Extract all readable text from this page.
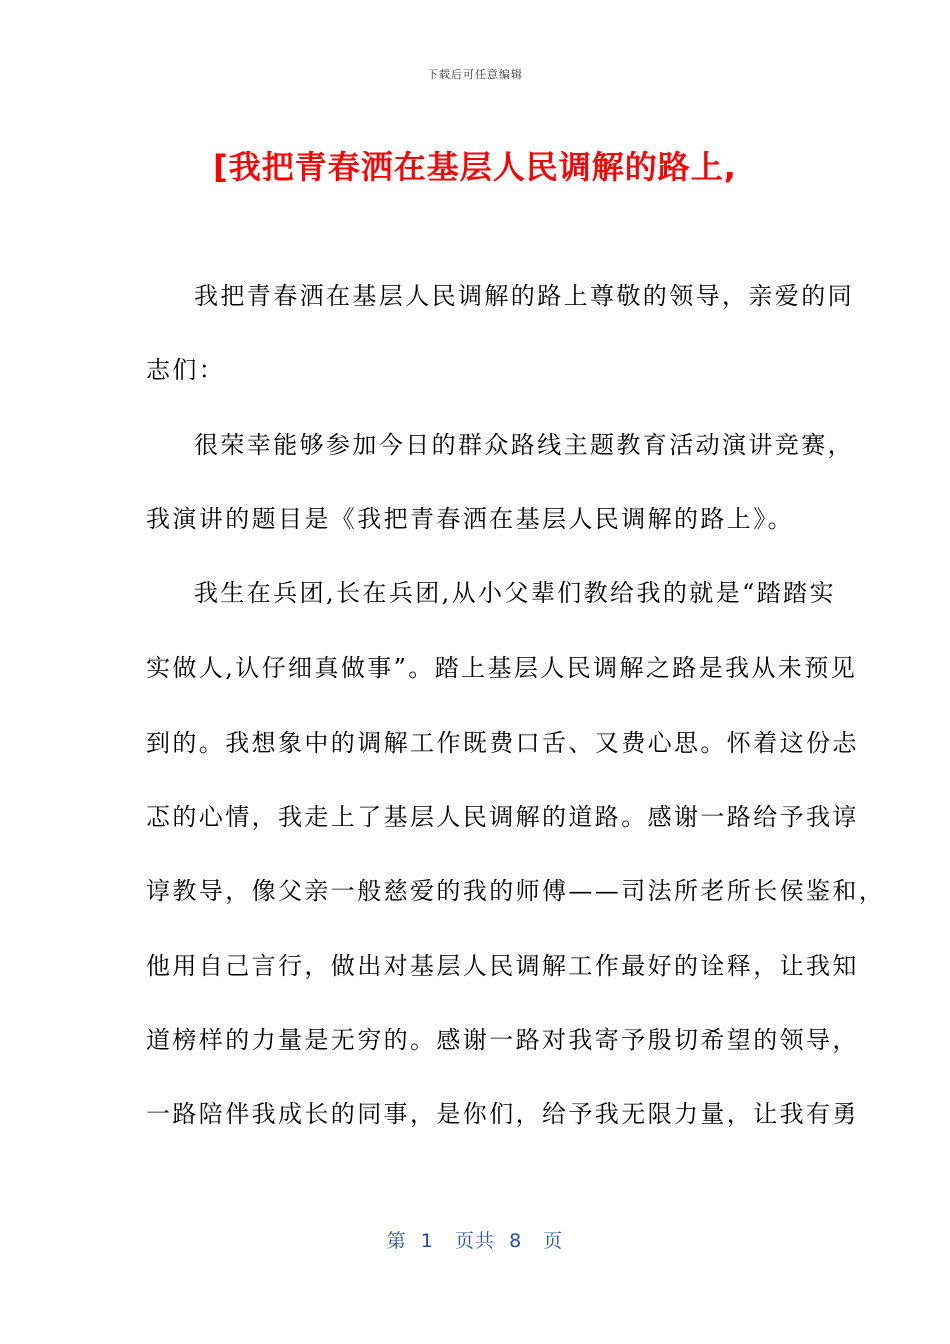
下载后可任意编辑
[我把青春洒在基层人民调解的路上,
我把青春洒在基层人民调解的路上尊敬的领导，亲爱的同
志们：
很荣幸能够参加今日的群众路线主题教育活动演讲竞赛，
我演讲的题目是《我把青春洒在基层人民调解的路上》。
我生在兵团,长在兵团,从小父辈们教给我的就是“踏踏实
实做人,认仔细真做事”。踏上基层人民调解之路是我从未预见
到的。我想象中的调解工作既费口舌、又费心思。怀着这份忐
忑的心情，我走上了基层人民调解的道路。感谢一路给予我谆
谆教导，像父亲一般慈爱的我的师傅——司法所老所长侯鉴和，
他用自己言行，做出对基层人民调解工作最好的诠释，让我知
道榜样的力量是无穷的。感谢一路对我寄予殷切希望的领导，
一路陪伴我成长的同事，是你们，给予我无限力量，让我有勇
第  1   页共  8   页
